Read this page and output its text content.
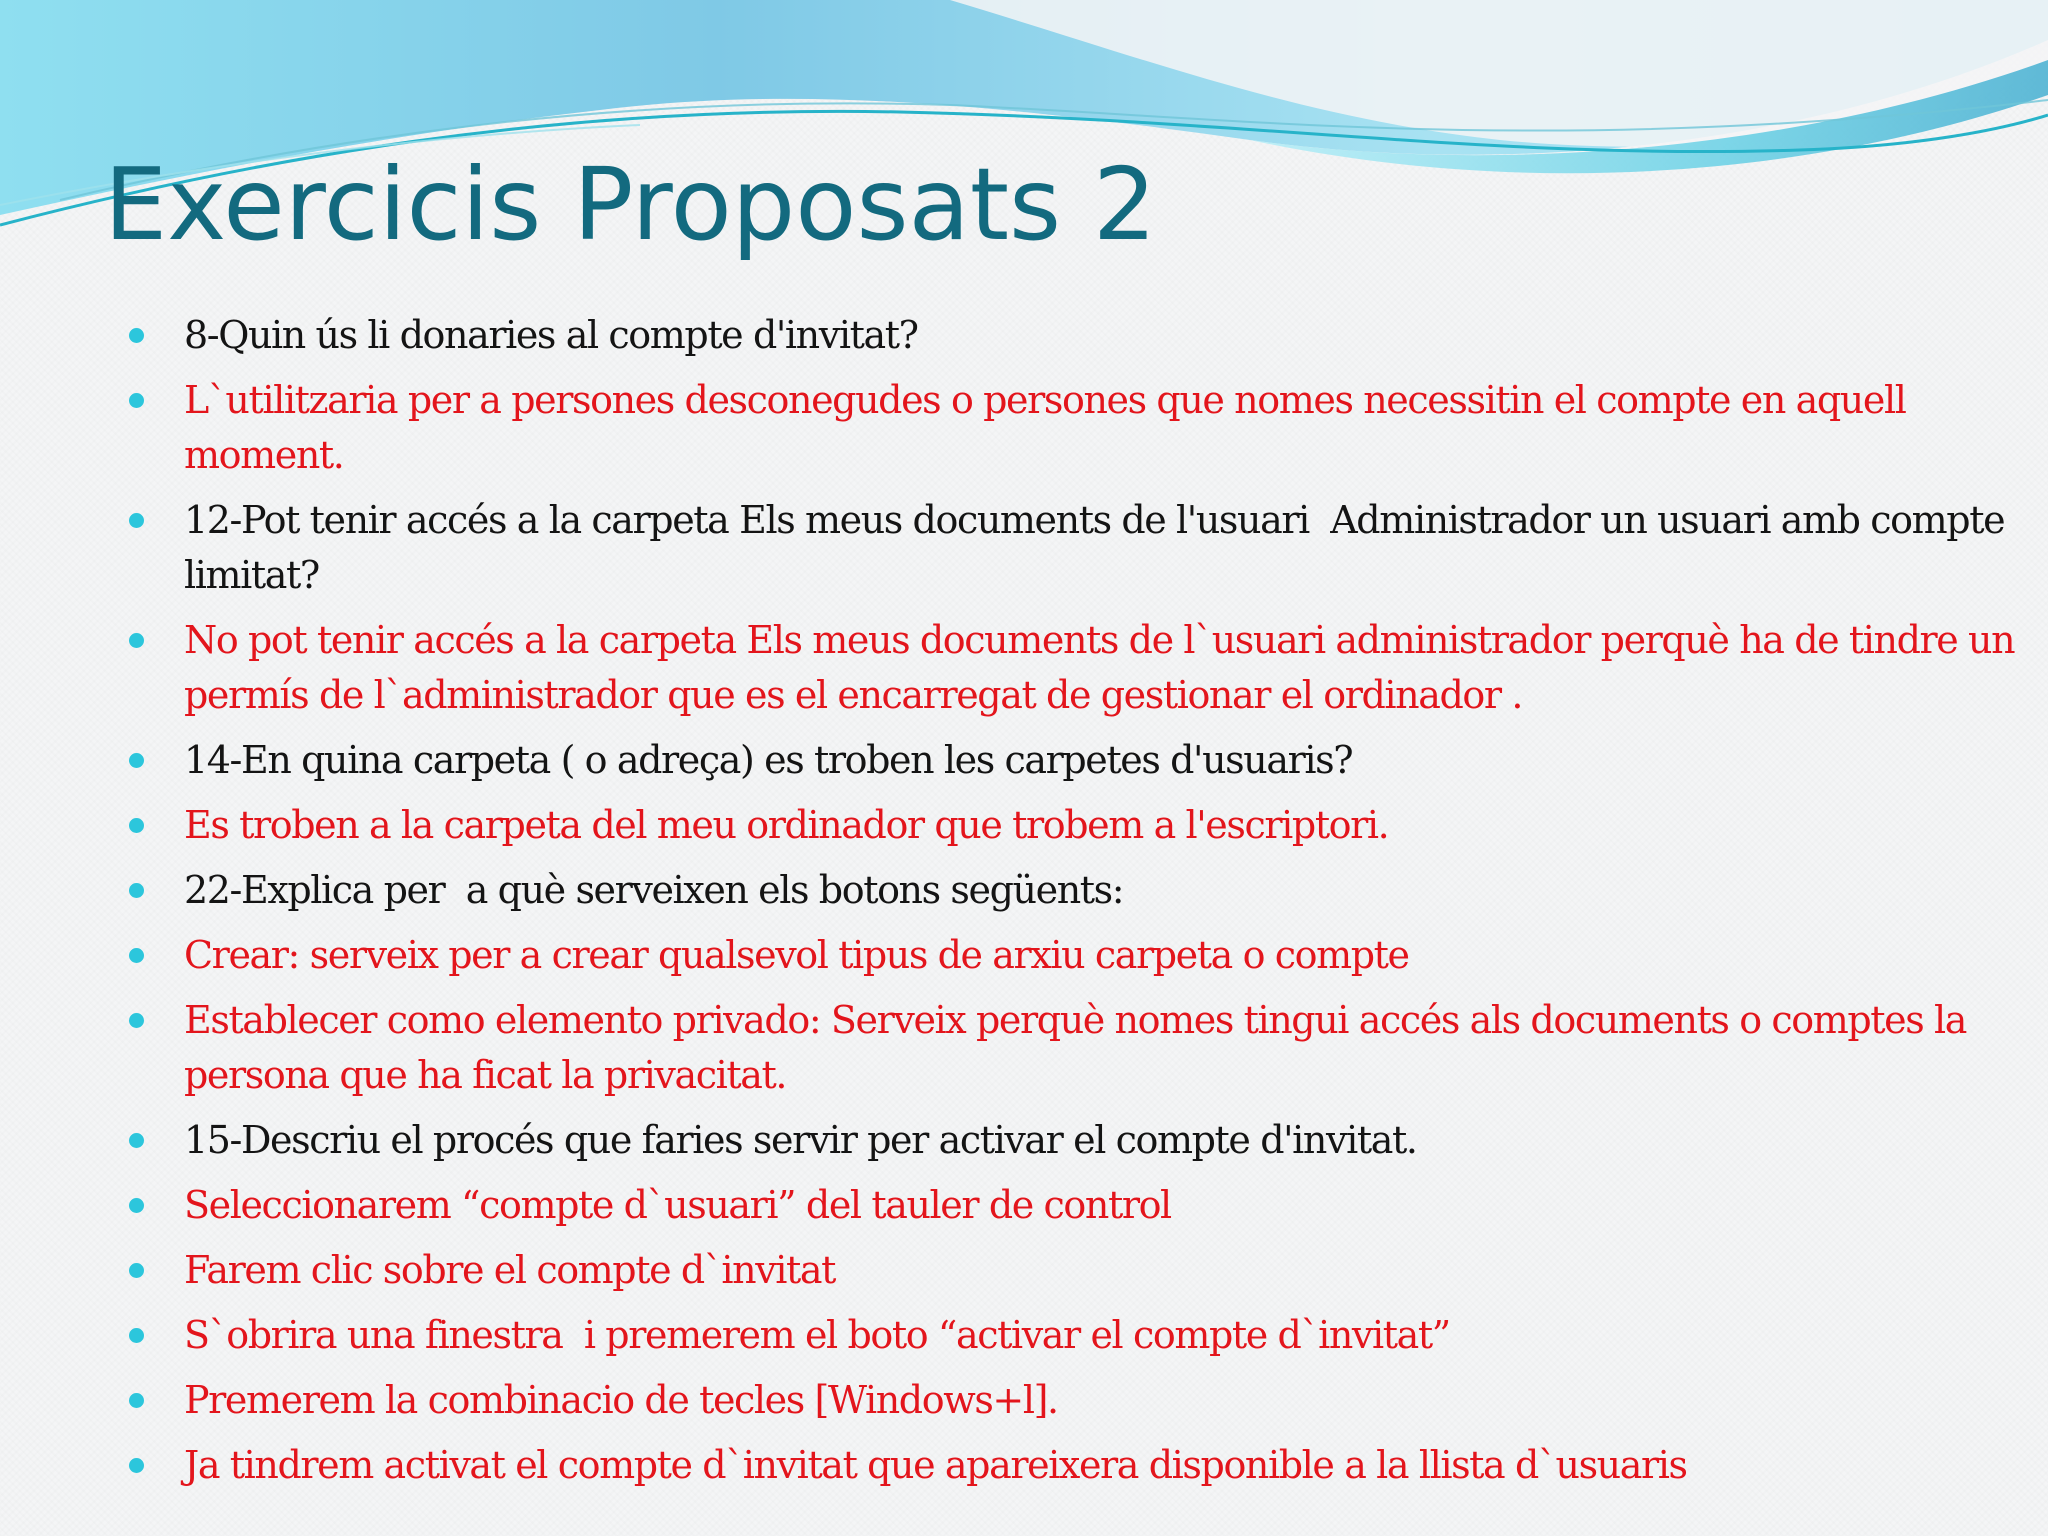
Exercicis Proposats 2
8-Quin ús li donaries al compte d'invitat?
L`utilitzaria per a persones desconegudes o persones que nomes necessitin el compte en aquell moment.
12-Pot tenir accés a la carpeta Els meus documents de l'usuari  Administrador un usuari amb compte limitat?
No pot tenir accés a la carpeta Els meus documents de l`usuari administrador perquè ha de tindre un permís de l`administrador que es el encarregat de gestionar el ordinador .
14-En quina carpeta ( o adreça) es troben les carpetes d'usuaris?
Es troben a la carpeta del meu ordinador que trobem a l'escriptori.
22-Explica per  a què serveixen els botons següents:
Crear: serveix per a crear qualsevol tipus de arxiu carpeta o compte
Establecer como elemento privado: Serveix perquè nomes tingui accés als documents o comptes la persona que ha ficat la privacitat.
15-Descriu el procés que faries servir per activar el compte d'invitat.
Seleccionarem “compte d`usuari” del tauler de control
Farem clic sobre el compte d`invitat
S`obrira una finestra  i premerem el boto “activar el compte d`invitat”
Premerem la combinacio de tecles [Windows+l].
Ja tindrem activat el compte d`invitat que apareixera disponible a la llista d`usuaris
